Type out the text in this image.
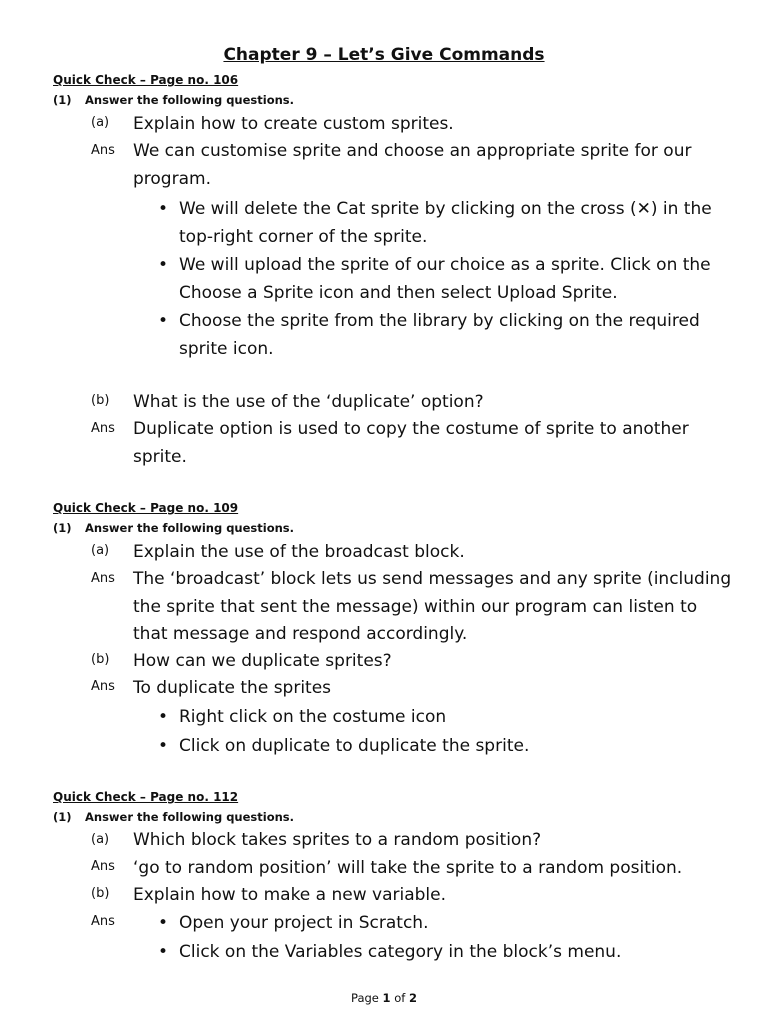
Chapter 9 – Let’s Give Commands
Quick Check – Page no. 106
(1) Answer the following questions.
(a) Explain how to create custom sprites.
Ans We can customise sprite and choose an appropriate sprite for our program.
• We will delete the Cat sprite by clicking on the cross (✕) in the top-right corner of the sprite.
• We will upload the sprite of our choice as a sprite. Click on the Choose a Sprite icon and then select Upload Sprite.
• Choose the sprite from the library by clicking on the required sprite icon.
(b) What is the use of the ‘duplicate’ option?
Ans Duplicate option is used to copy the costume of sprite to another sprite.
Quick Check – Page no. 109
(1) Answer the following questions.
(a) Explain the use of the broadcast block.
Ans The ‘broadcast’ block lets us send messages and any sprite (including the sprite that sent the message) within our program can listen to that message and respond accordingly.
(b) How can we duplicate sprites?
Ans To duplicate the sprites
• Right click on the costume icon
• Click on duplicate to duplicate the sprite.
Quick Check – Page no. 112
(1) Answer the following questions.
(a) Which block takes sprites to a random position?
Ans ‘go to random position’ will take the sprite to a random position.
(b) Explain how to make a new variable.
Ans	• Open your project in Scratch.
• Click on the Variables category in the block’s menu.
Page 1 of 2
